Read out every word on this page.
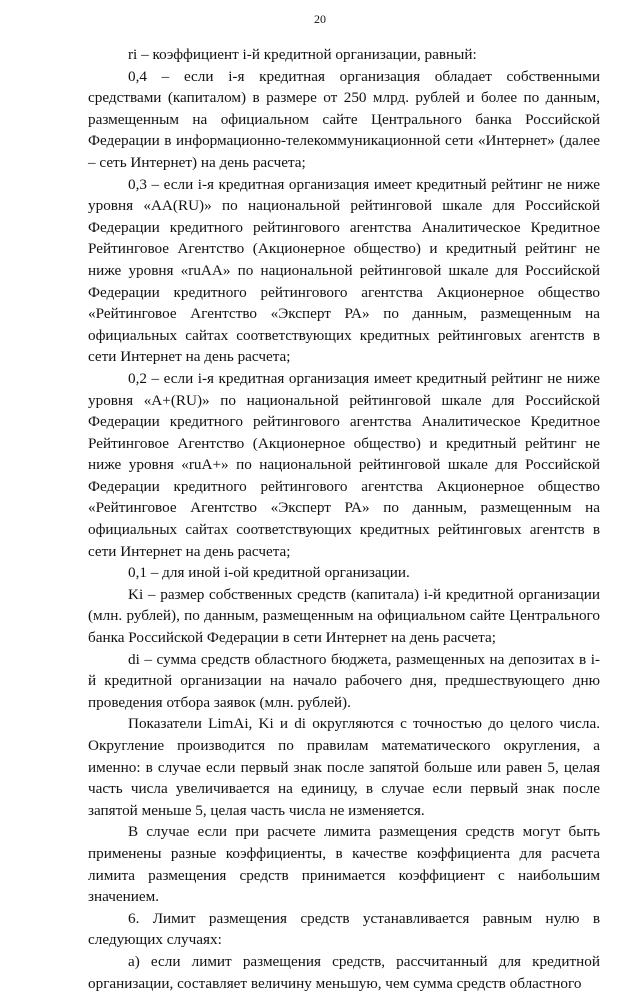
20

ri – коэффициент i-й кредитной организации, равный:

0,4 – если i-я кредитная организация обладает собственными средствами (капиталом) в размере от 250 млрд. рублей и более по данным, размещенным на официальном сайте Центрального банка Российской Федерации в информационно-телекоммуникационной сети «Интернет» (далее – сеть Интернет) на день расчета;

0,3 – если i-я кредитная организация имеет кредитный рейтинг не ниже уровня «AA(RU)» по национальной рейтинговой шкале для Российской Федерации кредитного рейтингового агентства Аналитическое Кредитное Рейтинговое Агентство (Акционерное общество) и кредитный рейтинг не ниже уровня «ruAA» по национальной рейтинговой шкале для Российской Федерации кредитного рейтингового агентства Акционерное общество «Рейтинговое Агентство «Эксперт РА» по данным, размещенным на официальных сайтах соответствующих кредитных рейтинговых агентств в сети Интернет на день расчета;

0,2 – если i-я кредитная организация имеет кредитный рейтинг не ниже уровня «A+(RU)» по национальной рейтинговой шкале для Российской Федерации кредитного рейтингового агентства Аналитическое Кредитное Рейтинговое Агентство (Акционерное общество) и кредитный рейтинг не ниже уровня «ruA+» по национальной рейтинговой шкале для Российской Федерации кредитного рейтингового агентства Акционерное общество «Рейтинговое Агентство «Эксперт РА» по данным, размещенным на официальных сайтах соответствующих кредитных рейтинговых агентств в сети Интернет на день расчета;

0,1 – для иной i-ой кредитной организации.

Ki – размер собственных средств (капитала) i-й кредитной организации (млн. рублей), по данным, размещенным на официальном сайте Центрального банка Российской Федерации в сети Интернет на день расчета;

di – сумма средств областного бюджета, размещенных на депозитах в i-й кредитной организации на начало рабочего дня, предшествующего дню проведения отбора заявок (млн. рублей).

Показатели LimAi, Ki и di округляются с точностью до целого числа. Округление производится по правилам математического округления, а именно: в случае если первый знак после запятой больше или равен 5, целая часть числа увеличивается на единицу, в случае если первый знак после запятой меньше 5, целая часть числа не изменяется.

В случае если при расчете лимита размещения средств могут быть применены разные коэффициенты, в качестве коэффициента для расчета лимита размещения средств принимается коэффициент с наибольшим значением.

6. Лимит размещения средств устанавливается равным нулю в следующих случаях:

а) если лимит размещения средств, рассчитанный для кредитной организации, составляет величину меньшую, чем сумма средств областного
